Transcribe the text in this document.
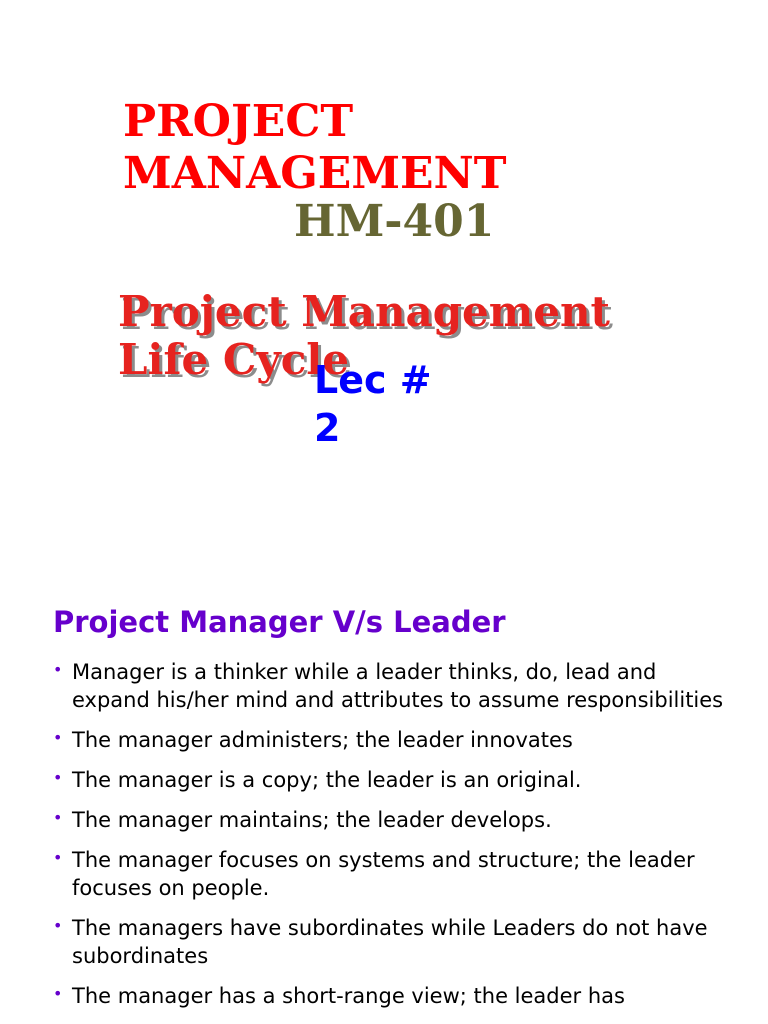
PROJECT
MANAGEMENT
HM-401
Project Management
Life Cycle
Lec #
2
Project Manager V/s Leader
• Manager is a thinker while a leader thinks, do, lead and expand his/her mind and attributes to assume responsibilities
• The manager administers; the leader innovates
• The manager is a copy; the leader is an original.
• The manager maintains; the leader develops.
• The manager focuses on systems and structure; the leader focuses on people.
• The managers have subordinates while Leaders do not have subordinates
• The manager has a short-range view; the leader has
